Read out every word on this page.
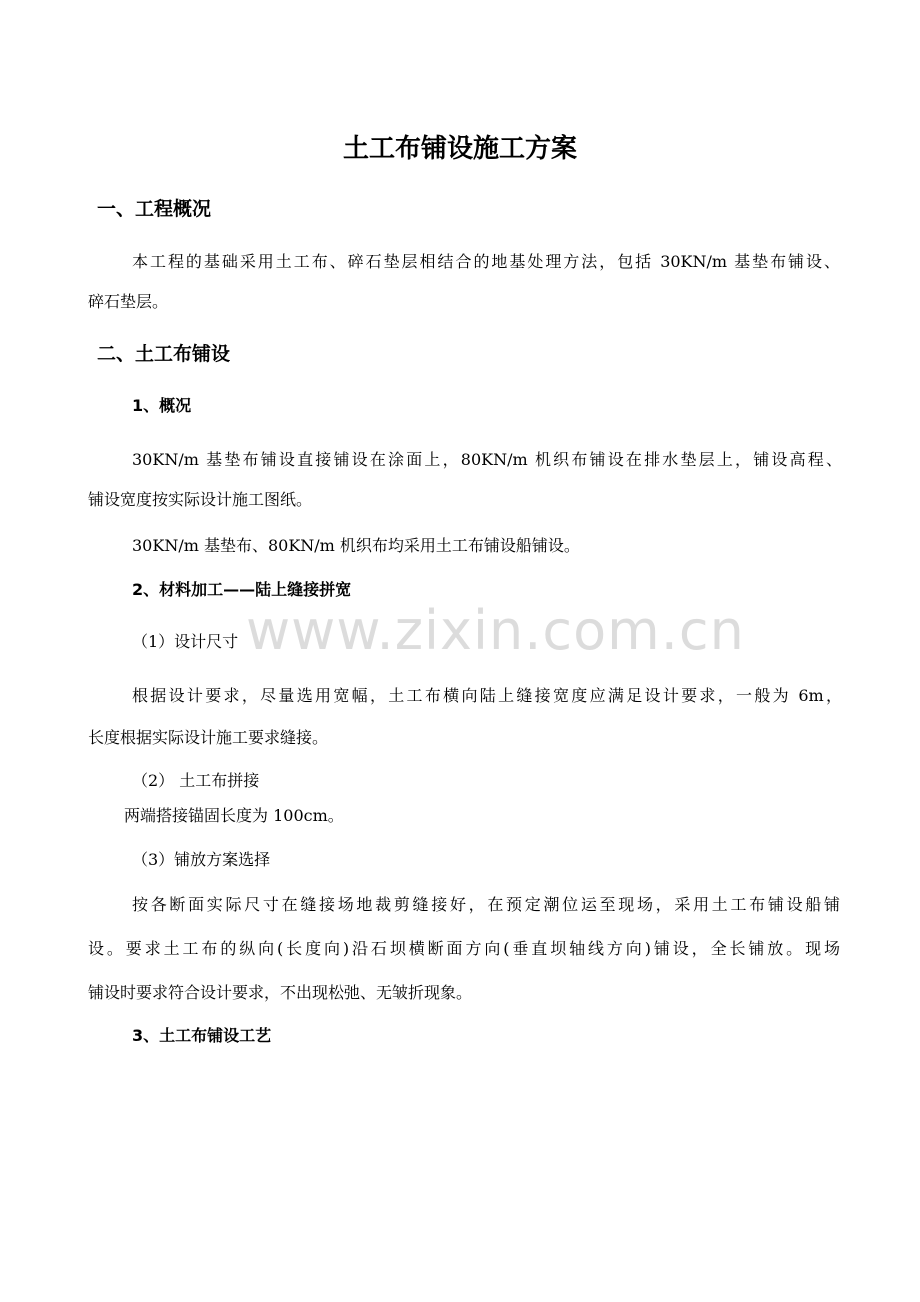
土工布铺设施工方案
一、工程概况
本工程的基础采用土工布、碎石垫层相结合的地基处理方法，包括 30KN/m 基垫布铺设、
碎石垫层。
二、土工布铺设
1、概况
30KN/m 基垫布铺设直接铺设在涂面上，80KN/m 机织布铺设在排水垫层上，铺设高程、
铺设宽度按实际设计施工图纸。
30KN/m 基垫布、80KN/m 机织布均采用土工布铺设船铺设。
2、材料加工——陆上缝接拼宽
（1）设计尺寸
根据设计要求，尽量选用宽幅，土工布横向陆上缝接宽度应满足设计要求，一般为 6m，
长度根据实际设计施工要求缝接。
（2） 土工布拼接
两端搭接锚固长度为 100cm。
（3）铺放方案选择
按各断面实际尺寸在缝接场地裁剪缝接好，在预定潮位运至现场，采用土工布铺设船铺
设。要求土工布的纵向(长度向)沿石坝横断面方向(垂直坝轴线方向)铺设，全长铺放。现场
铺设时要求符合设计要求，不出现松弛、无皱折现象。
3、土工布铺设工艺
www.zixin.com.cn
